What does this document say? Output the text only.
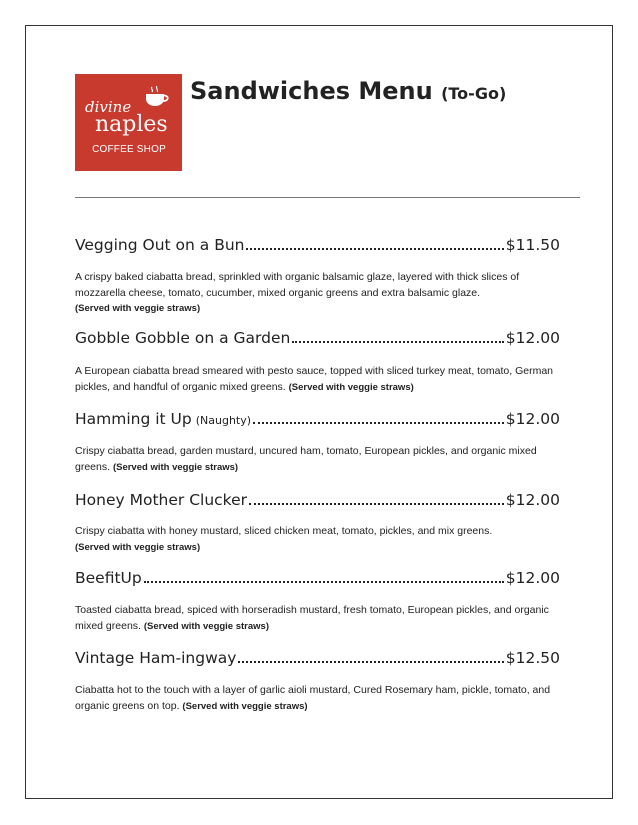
divine
naples
COFFEE SHOP
Sandwiches Menu (To-Go)
Vegging Out on a Bun	$11.50

A crispy baked ciabatta bread, sprinkled with organic balsamic glaze, layered with thick slices of mozzarella cheese, tomato, cucumber, mixed organic greens and extra balsamic glaze.
(Served with veggie straws)

Gobble Gobble on a Garden	$12.00

A European ciabatta bread smeared with pesto sauce, topped with sliced turkey meat, tomato, German pickles, and handful of organic mixed greens. (Served with veggie straws)

Hamming it Up (Naughty)	$12.00

Crispy ciabatta bread, garden mustard, uncured ham, tomato, European pickles, and organic mixed greens. (Served with veggie straws)

Honey Mother Clucker	$12.00

Crispy ciabatta with honey mustard, sliced chicken meat, tomato, pickles, and mix greens.
(Served with veggie straws)

BeefitUp	$12.00

Toasted ciabatta bread, spiced with horseradish mustard, fresh tomato, European pickles, and organic mixed greens. (Served with veggie straws)

Vintage Ham-ingway	$12.50

Ciabatta hot to the touch with a layer of garlic aioli mustard, Cured Rosemary ham, pickle, tomato, and organic greens on top. (Served with veggie straws)
